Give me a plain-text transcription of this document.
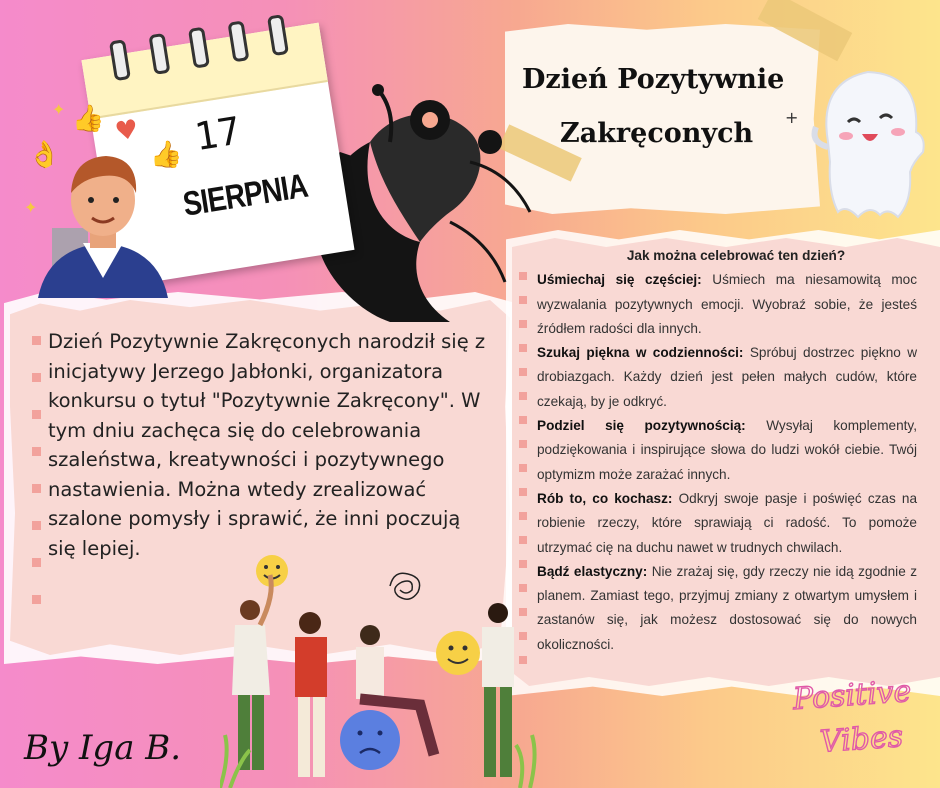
Dzień Pozytywnie
Zakręconych
♥ 17
SIERPNIA
👍
👍
👌
✦
✦
+

Dzień Pozytywnie Zakręconych narodził się z inicjatywy Jerzego Jabłonki, organizatora konkursu o tytuł "Pozytywnie Zakręcony". W tym dniu zachęca się do celebrowania szaleństwa, kreatywności i pozytywnego nastawienia. Można wtedy zrealizować szalone pomysły i sprawić, że inni poczują się lepiej.

Jak można celebrować ten dzień?

Uśmiechaj się częściej: Uśmiech ma niesamowitą moc wyzwalania pozytywnych emocji. Wyobraź sobie, że jesteś źródłem radości dla innych.

Szukaj piękna w codzienności: Spróbuj dostrzec piękno w drobiazgach. Każdy dzień jest pełen małych cudów, które czekają, by je odkryć.

Podziel się pozytywnością: Wysyłaj komplementy, podziękowania i inspirujące słowa do ludzi wokół ciebie. Twój optymizm może zarażać innych.

Rób to, co kochasz: Odkryj swoje pasje i poświęć czas na robienie rzeczy, które sprawiają ci radość. To pomoże utrzymać cię na duchu nawet w trudnych chwilach.

Bądź elastyczny: Nie zrażaj się, gdy rzeczy nie idą zgodnie z planem. Zamiast tego, przyjmuj zmiany z otwartym umysłem i zastanów się, jak możesz dostosować się do nowych okoliczności.

By Iga B.
Positive
Vibes
